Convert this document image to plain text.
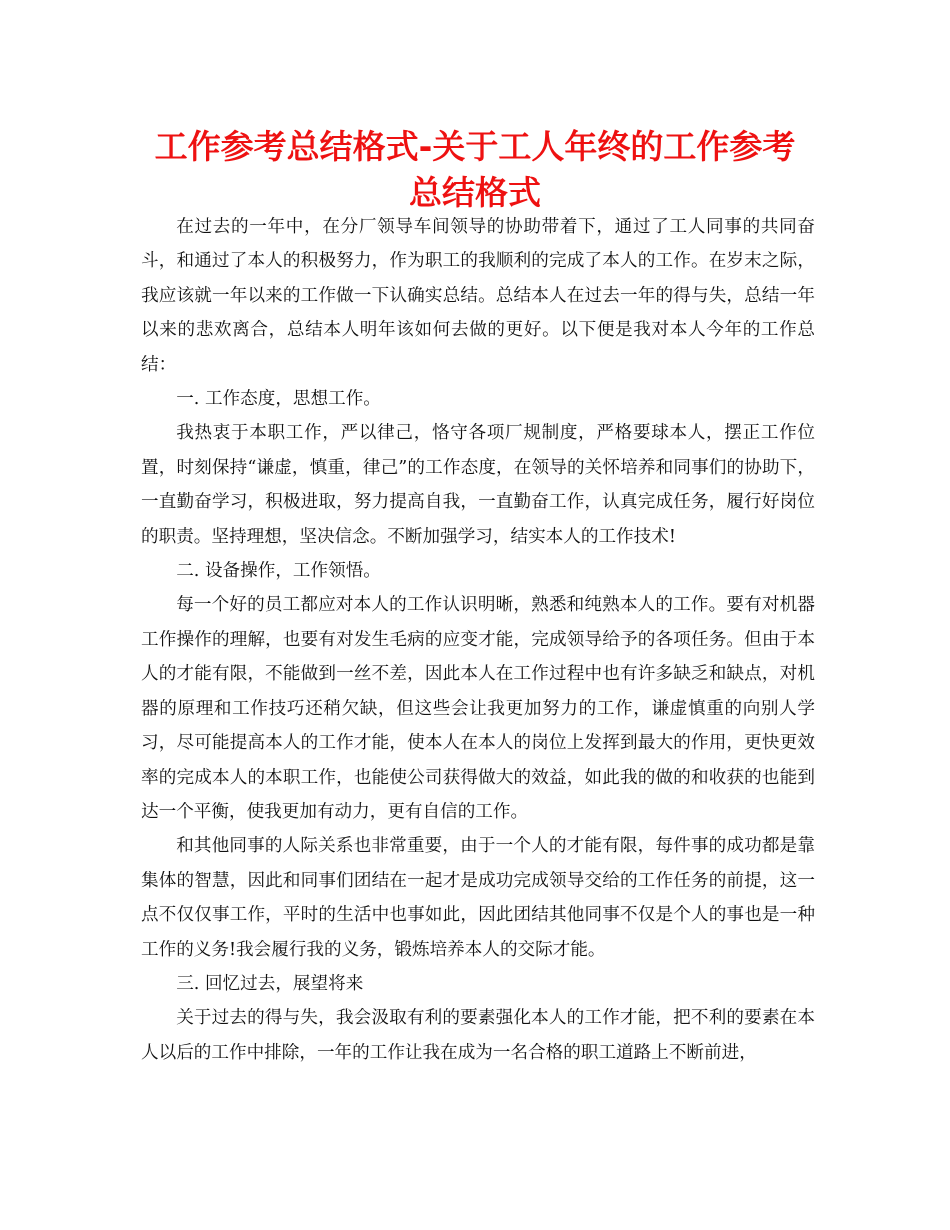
工作参考总结格式-关于工人年终的工作参考总结格式

在过去的一年中，在分厂领导车间领导的协助带着下，通过了工人同事的共同奋斗，和通过了本人的积极努力，作为职工的我顺利的完成了本人的工作。在岁末之际，我应该就一年以来的工作做一下认确实总结。总结本人在过去一年的得与失，总结一年以来的悲欢离合，总结本人明年该如何去做的更好。以下便是我对本人今年的工作总结：

一. 工作态度，思想工作。

我热衷于本职工作，严以律己，恪守各项厂规制度，严格要球本人，摆正工作位置，时刻保持“谦虚，慎重，律己”的工作态度，在领导的关怀培养和同事们的协助下，一直勤奋学习，积极进取，努力提高自我，一直勤奋工作，认真完成任务，履行好岗位的职责。坚持理想，坚决信念。不断加强学习，结实本人的工作技术!

二. 设备操作，工作领悟。

每一个好的员工都应对本人的工作认识明晰，熟悉和纯熟本人的工作。要有对机器工作操作的理解，也要有对发生毛病的应变才能，完成领导给予的各项任务。但由于本人的才能有限，不能做到一丝不差，因此本人在工作过程中也有许多缺乏和缺点，对机器的原理和工作技巧还稍欠缺，但这些会让我更加努力的工作，谦虚慎重的向别人学习，尽可能提高本人的工作才能，使本人在本人的岗位上发挥到最大的作用，更快更效率的完成本人的本职工作，也能使公司获得做大的效益，如此我的做的和收获的也能到达一个平衡，使我更加有动力，更有自信的工作。

和其他同事的人际关系也非常重要，由于一个人的才能有限，每件事的成功都是靠集体的智慧，因此和同事们团结在一起才是成功完成领导交给的工作任务的前提，这一点不仅仅事工作，平时的生活中也事如此，因此团结其他同事不仅是个人的事也是一种工作的义务!我会履行我的义务，锻炼培养本人的交际才能。

三. 回忆过去，展望将来

关于过去的得与失，我会汲取有利的要素强化本人的工作才能，把不利的要素在本人以后的工作中排除，一年的工作让我在成为一名合格的职工道路上不断前进，
